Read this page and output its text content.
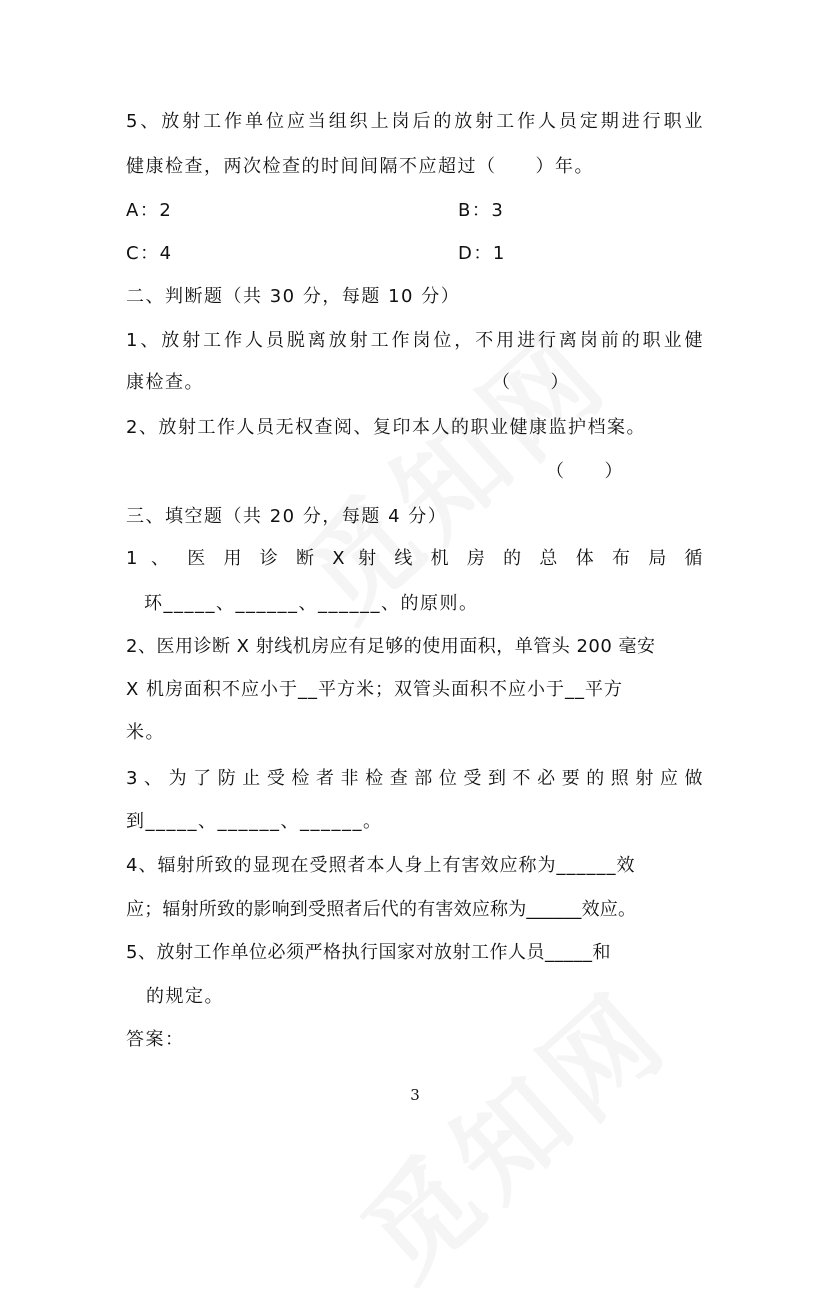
5、放射工作单位应当组织上岗后的放射工作人员定期进行职业
健康检查，两次检查的时间间隔不应超过（　　）年。
A：2	B：3
C：4	D：1
二、判断题（共 30 分，每题 10 分）
1、放射工作人员脱离放射工作岗位，不用进行离岗前的职业健
康检查。	（　　）
2、放射工作人员无权查阅、复印本人的职业健康监护档案。
（　　）
三、填空题（共 20 分，每题 4 分）
1 、 医 用 诊 断 X 射 线 机 房 的 总 体 布 局 循
环_____、______、______、的原则。
2、医用诊断 X 射线机房应有足够的使用面积，单管头 200 毫安
X 机房面积不应小于__平方米；双管头面积不应小于__平方
米。
3、为了防止受检者非检查部位受到不必要的照射应做
到_____、______、______。
4、辐射所致的显现在受照者本人身上有害效应称为______效
应；辐射所致的影响到受照者后代的有害效应称为______效应。
5、放射工作单位必须严格执行国家对放射工作人员_____和
的规定。
答案：
3
